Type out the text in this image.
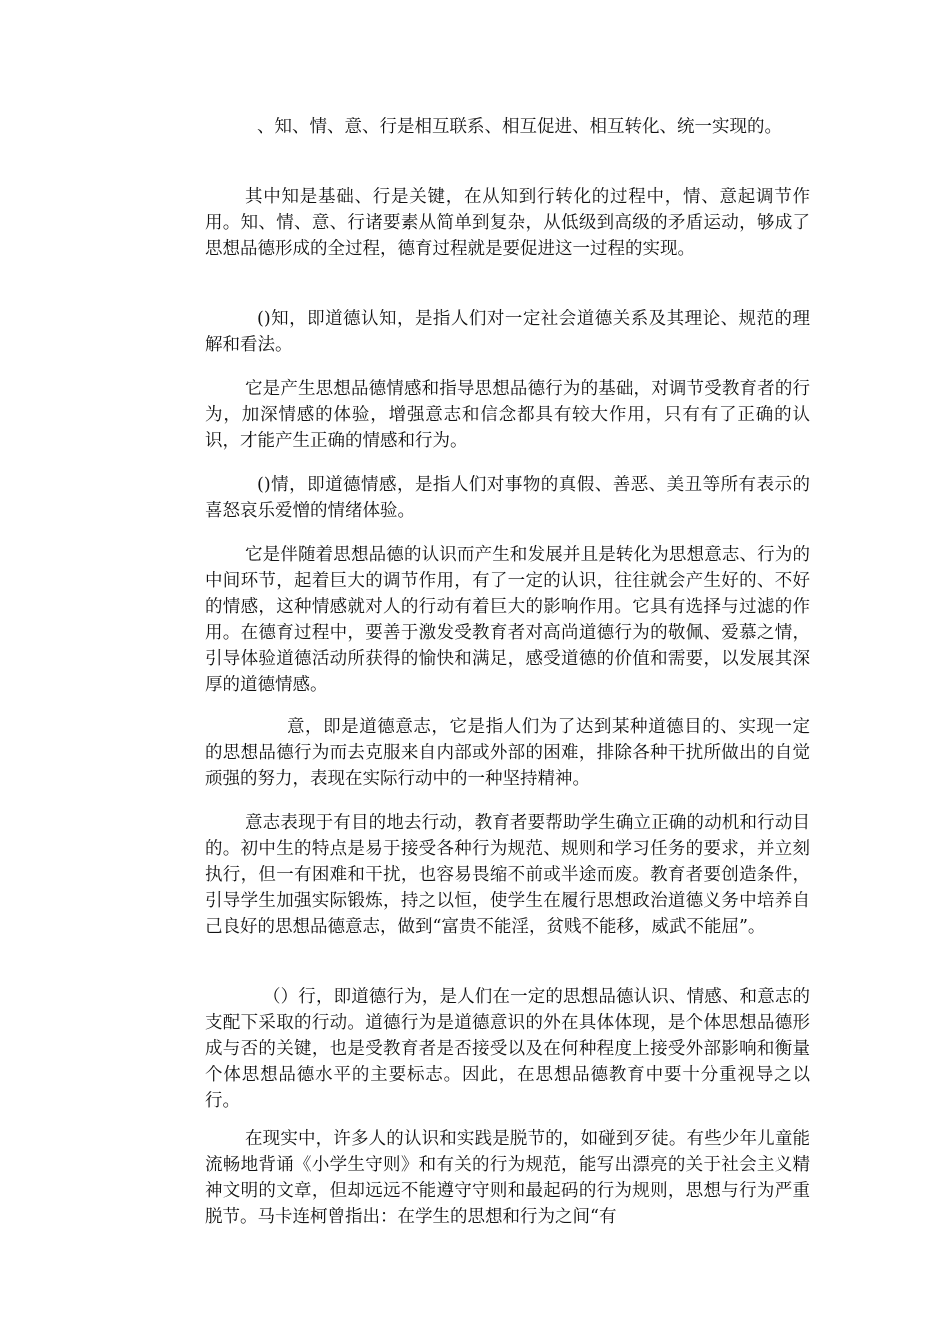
、知、情、意、行是相互联系、相互促进、相互转化、统一实现的。

其中知是基础、行是关键，在从知到行转化的过程中，情、意起调节作用。知、情、意、行诸要素从简单到复杂，从低级到高级的矛盾运动，够成了思想品德形成的全过程，德育过程就是要促进这一过程的实现。

()知，即道德认知，是指人们对一定社会道德关系及其理论、规范的理解和看法。

它是产生思想品德情感和指导思想品德行为的基础，对调节受教育者的行为，加深情感的体验，增强意志和信念都具有较大作用，只有有了正确的认识，才能产生正确的情感和行为。

()情，即道德情感，是指人们对事物的真假、善恶、美丑等所有表示的喜怒哀乐爱憎的情绪体验。

它是伴随着思想品德的认识而产生和发展并且是转化为思想意志、行为的中间环节，起着巨大的调节作用，有了一定的认识，往往就会产生好的、不好的情感，这种情感就对人的行动有着巨大的影响作用。它具有选择与过滤的作用。在德育过程中，要善于激发受教育者对高尚道德行为的敬佩、爱慕之情，引导体验道德活动所获得的愉快和满足，感受道德的价值和需要，以发展其深厚的道德情感。

意，即是道德意志，它是指人们为了达到某种道德目的、实现一定的思想品德行为而去克服来自内部或外部的困难，排除各种干扰所做出的自觉顽强的努力，表现在实际行动中的一种坚持精神。

意志表现于有目的地去行动，教育者要帮助学生确立正确的动机和行动目的。初中生的特点是易于接受各种行为规范、规则和学习任务的要求，并立刻执行，但一有困难和干扰，也容易畏缩不前或半途而废。教育者要创造条件，引导学生加强实际锻炼，持之以恒，使学生在履行思想政治道德义务中培养自己良好的思想品德意志，做到“富贵不能淫，贫贱不能移，威武不能屈”。

（）行，即道德行为，是人们在一定的思想品德认识、情感、和意志的支配下采取的行动。道德行为是道德意识的外在具体体现，是个体思想品德形成与否的关键，也是受教育者是否接受以及在何种程度上接受外部影响和衡量个体思想品德水平的主要标志。因此，在思想品德教育中要十分重视导之以行。

在现实中，许多人的认识和实践是脱节的，如碰到歹徒。有些少年儿童能流畅地背诵《小学生守则》和有关的行为规范，能写出漂亮的关于社会主义精神文明的文章，但却远远不能遵守守则和最起码的行为规则，思想与行为严重脱节。马卡连柯曾指出：在学生的思想和行为之间“有
